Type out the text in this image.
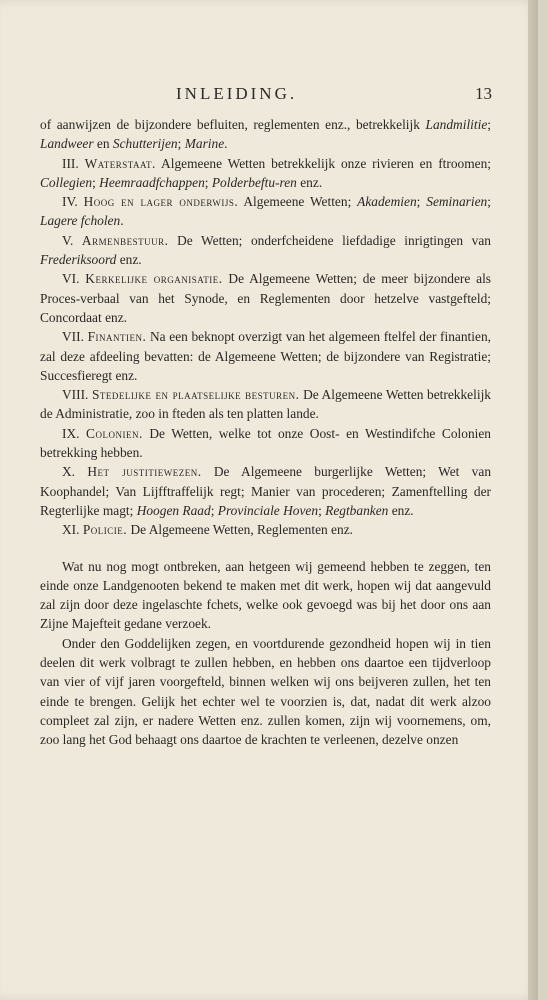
INLEIDING.	13

of aanwijzen de bijzondere befluiten, reglementen enz., betrekkelijk Landmilitie; Landweer en Schutterijen; Marine.

III. Waterstaat. Algemeene Wetten betrekkelijk onze rivieren en ftroomen; Collegien; Heemraadfchappen; Polderbeftu-ren enz.

IV. Hoog en lager onderwijs. Algemeene Wetten; Akademien; Seminarien; Lagere fcholen.

V. Armenbestuur. De Wetten; onderfcheidene liefdadige inrigtingen van Frederiksoord enz.

VI. Kerkelijke organisatie. De Algemeene Wetten; de meer bijzondere als Proces-verbaal van het Synode, en Reglementen door hetzelve vastgefteld; Concordaat enz.

VII. Finantien. Na een beknopt overzigt van het algemeen ftelfel der finantien, zal deze afdeeling bevatten: de Algemeene Wetten; de bijzondere van Registratie; Succesfieregt enz.

VIII. Stedelijke en plaatselijke besturen. De Algemeene Wetten betrekkelijk de Administratie, zoo in fteden als ten platten lande.

IX. Colonien. De Wetten, welke tot onze Oost- en Westindifche Colonien betrekking hebben.

X. Het justitiewezen. De Algemeene burgerlijke Wetten; Wet van Koophandel; Van Lijfftraffelijk regt; Manier van procederen; Zamenftelling der Regterlijke magt; Hoogen Raad; Provinciale Hoven; Regtbanken enz.

XI. Policie. De Algemeene Wetten, Reglementen enz.

Wat nu nog mogt ontbreken, aan hetgeen wij gemeend hebben te zeggen, ten einde onze Landgenooten bekend te maken met dit werk, hopen wij dat aangevuld zal zijn door deze ingelaschte fchets, welke ook gevoegd was bij het door ons aan Zijne Majefteit gedane verzoek.

Onder den Goddelijken zegen, en voortdurende gezondheid hopen wij in tien deelen dit werk volbragt te zullen hebben, en hebben ons daartoe een tijdverloop van vier of vijf jaren voorgefteld, binnen welken wij ons beijveren zullen, het ten einde te brengen. Gelijk het echter wel te voorzien is, dat, nadat dit werk alzoo compleet zal zijn, er nadere Wetten enz. zullen komen, zijn wij voornemens, om, zoo lang het God behaagt ons daartoe de krachten te verleenen, dezelve onzen
